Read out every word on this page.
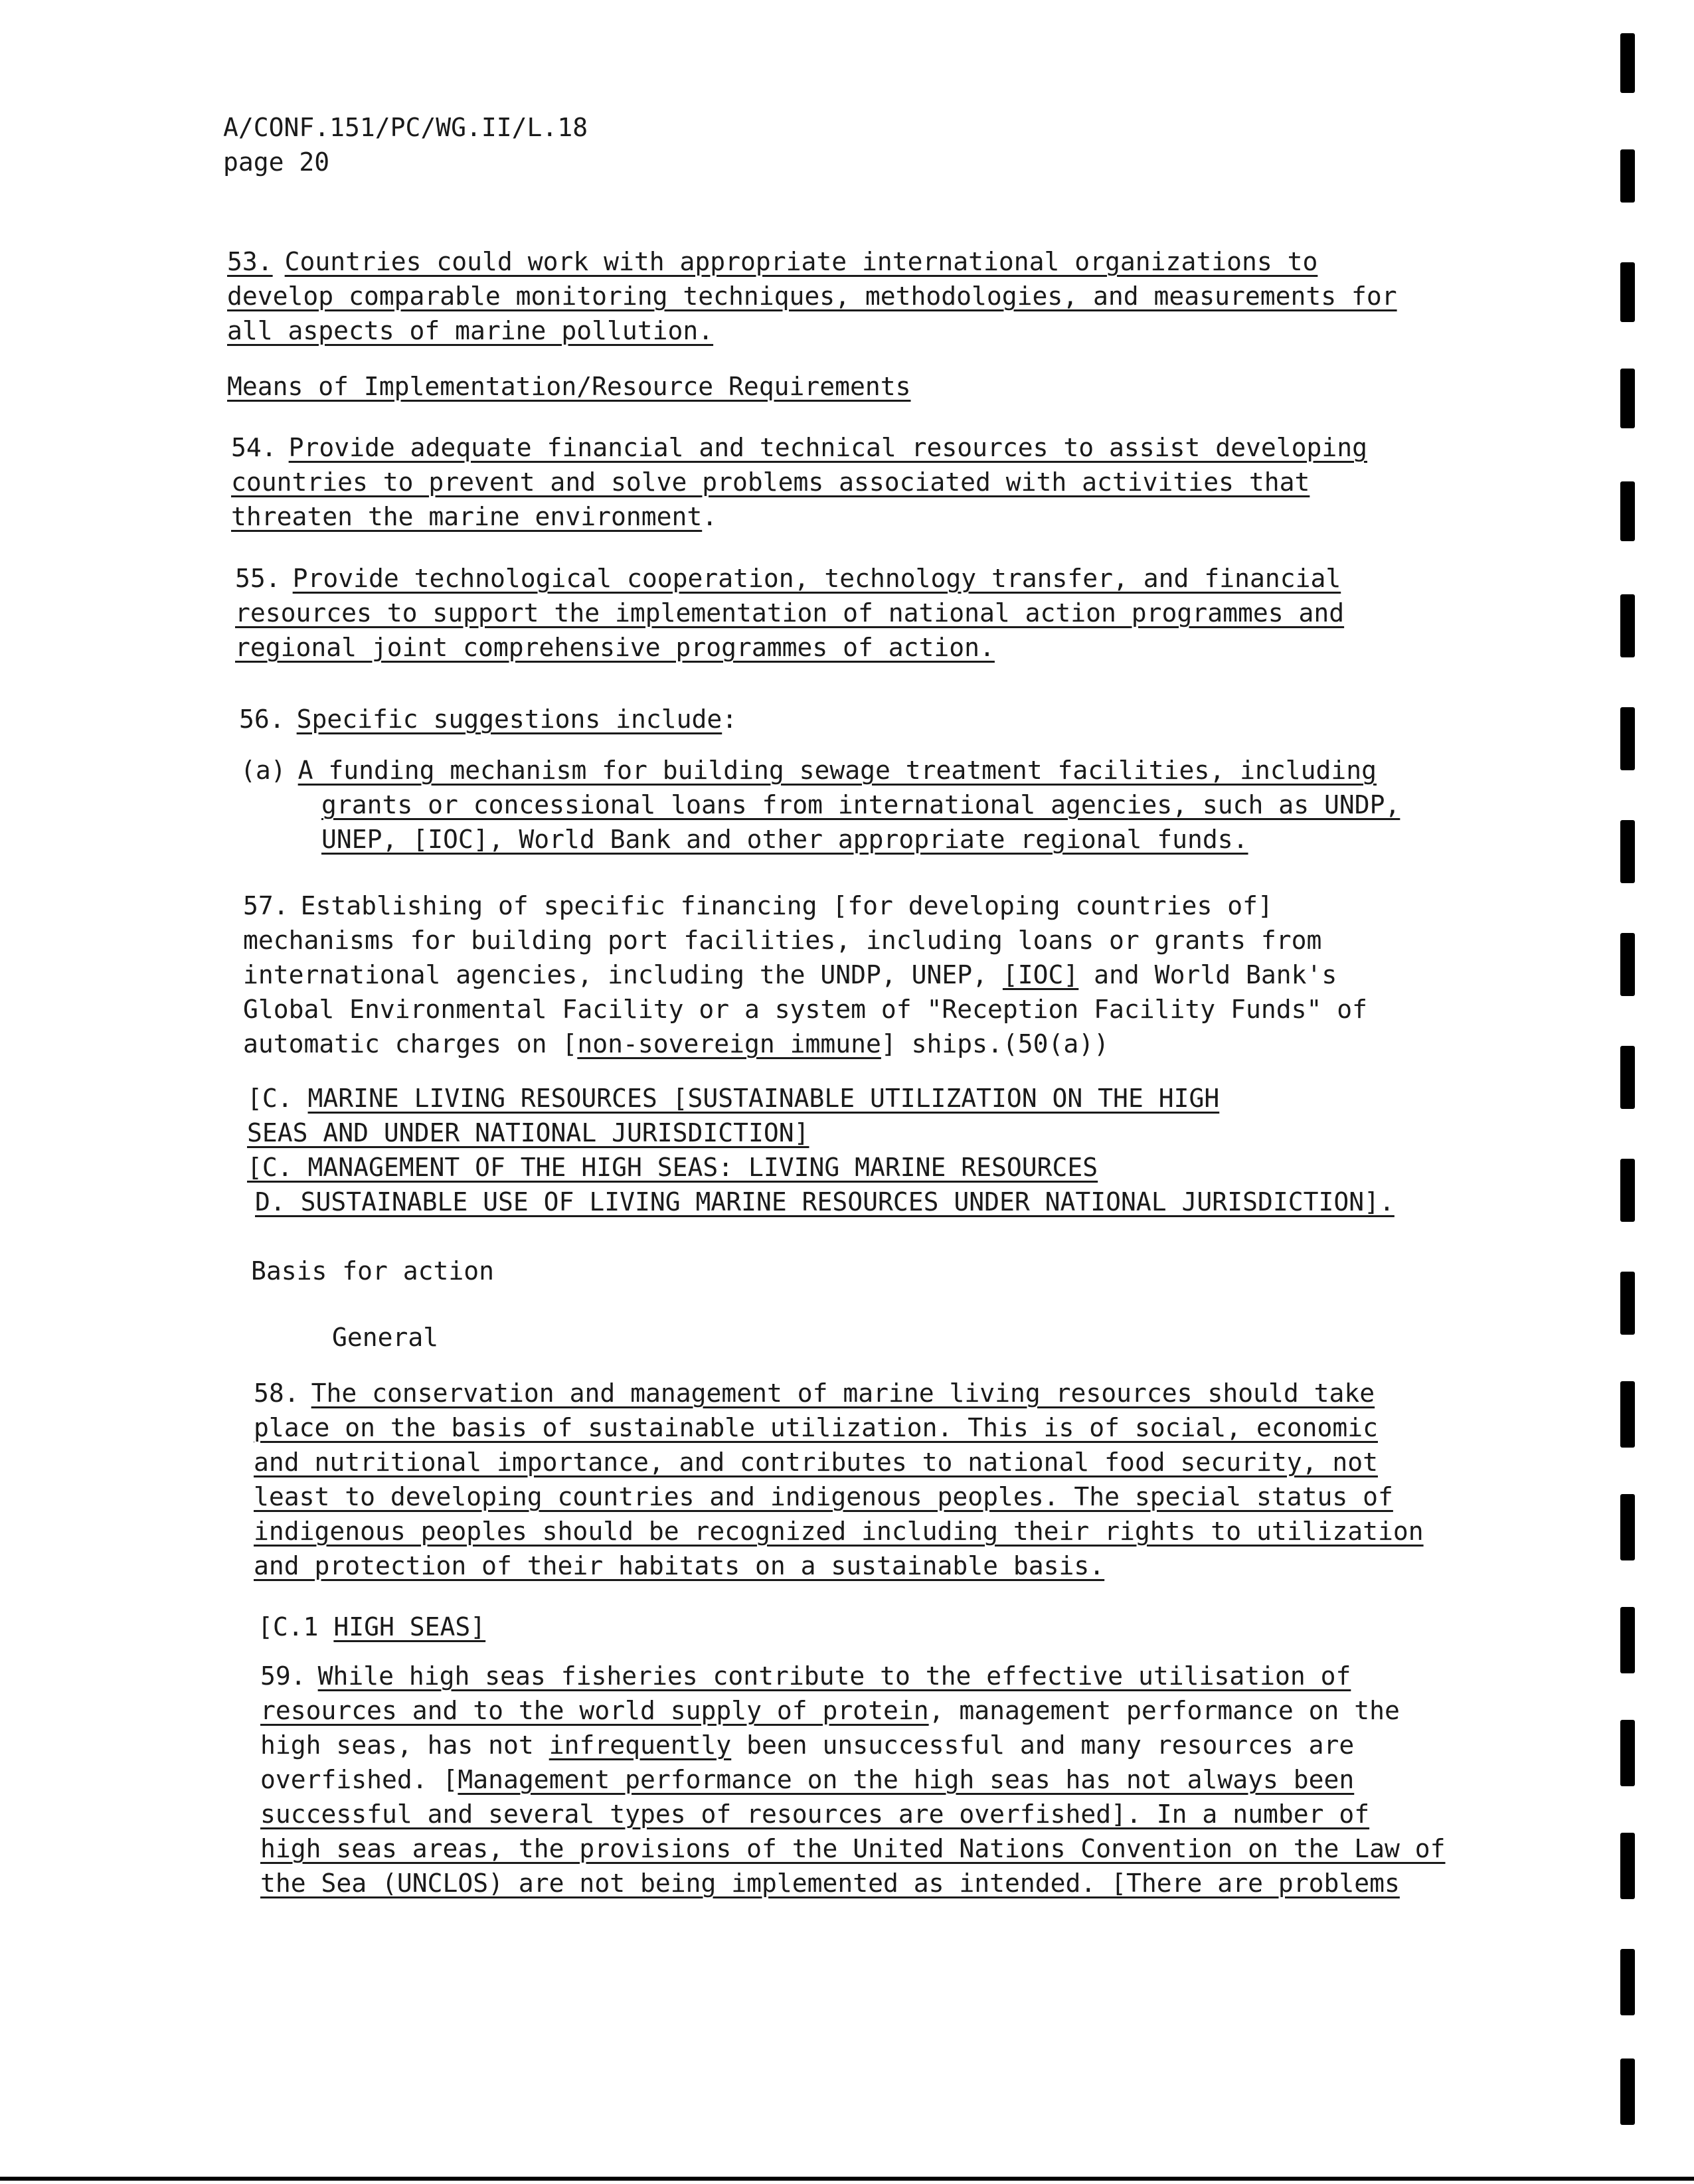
A/CONF.151/PC/WG.II/L.18
page 20
53. Countries could work with appropriate international organizations to
develop comparable monitoring techniques, methodologies, and measurements for
all aspects of marine pollution.
Means of Implementation/Resource Requirements
54. Provide adequate financial and technical resources to assist developing
countries to prevent and solve problems associated with activities that
threaten the marine environment.
55. Provide technological cooperation, technology transfer, and financial
resources to support the implementation of national action programmes and
regional joint comprehensive programmes of action.
56. Specific suggestions include:
(a) A funding mechanism for building sewage treatment facilities, including
grants or concessional loans from international agencies, such as UNDP,
UNEP, [IOC], World Bank and other appropriate regional funds.
57. Establishing of specific financing [for developing countries of]
mechanisms for building port facilities, including loans or grants from
international agencies, including the UNDP, UNEP, [IOC] and World Bank's
Global Environmental Facility or a system of "Reception Facility Funds" of
automatic charges on [non-sovereign immune] ships.(50(a))
[C. MARINE LIVING RESOURCES [SUSTAINABLE UTILIZATION ON THE HIGH
SEAS AND UNDER NATIONAL JURISDICTION]
[C. MANAGEMENT OF THE HIGH SEAS: LIVING MARINE RESOURCES
D. SUSTAINABLE USE OF LIVING MARINE RESOURCES UNDER NATIONAL JURISDICTION].
Basis for action
General
58. The conservation and management of marine living resources should take
place on the basis of sustainable utilization. This is of social, economic
and nutritional importance, and contributes to national food security, not
least to developing countries and indigenous peoples. The special status of
indigenous peoples should be recognized including their rights to utilization
and protection of their habitats on a sustainable basis.
[C.1 HIGH SEAS]
59. While high seas fisheries contribute to the effective utilisation of
resources and to the world supply of protein, management performance on the
high seas, has not infrequently been unsuccessful and many resources are
overfished. [Management performance on the high seas has not always been
successful and several types of resources are overfished]. In a number of
high seas areas, the provisions of the United Nations Convention on the Law of
the Sea (UNCLOS) are not being implemented as intended. [There are problems
